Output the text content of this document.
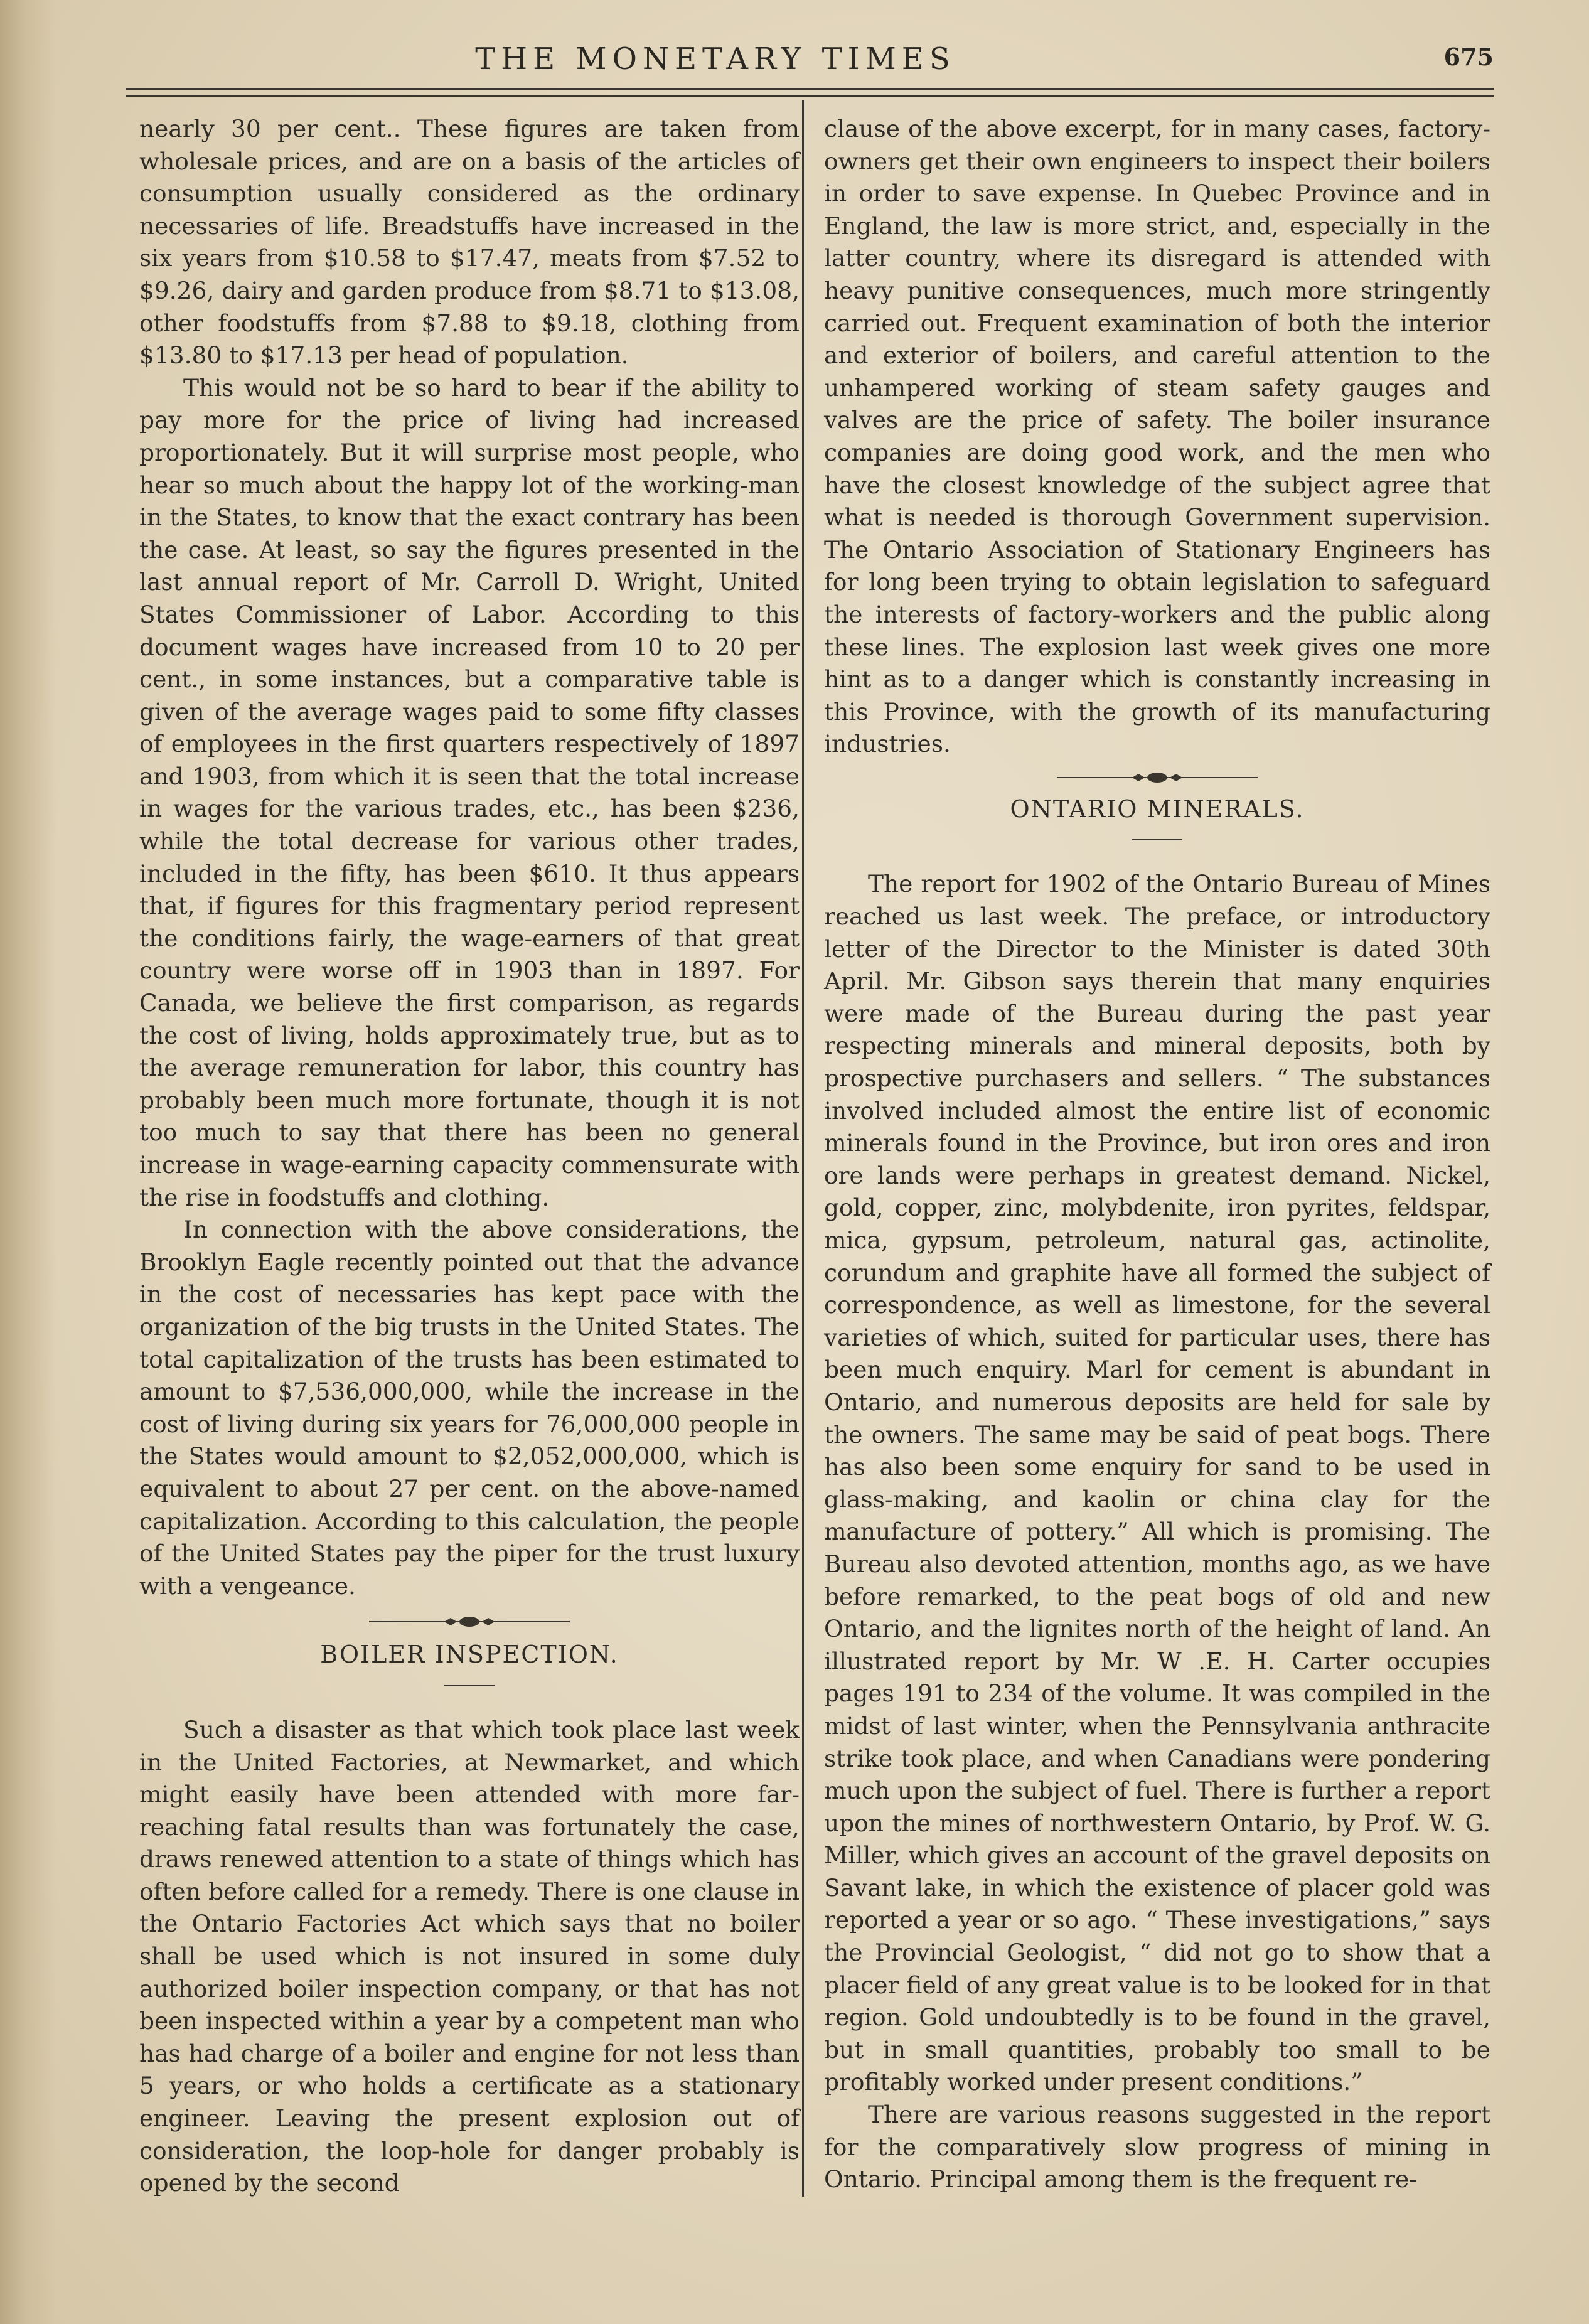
THE MONETARY TIMES	675

nearly 30 per cent.. These figures are taken from wholesale prices, and are on a basis of the articles of consumption usually considered as the ordinary necessaries of life. Breadstuffs have increased in the six years from $10.58 to $17.47, meats from $7.52 to $9.26, dairy and garden produce from $8.71 to $13.08, other foodstuffs from $7.88 to $9.18, clothing from $13.80 to $17.13 per head of population.

This would not be so hard to bear if the ability to pay more for the price of living had increased proportionately. But it will surprise most people, who hear so much about the happy lot of the working-man in the States, to know that the exact contrary has been the case. At least, so say the figures presented in the last annual report of Mr. Carroll D. Wright, United States Commissioner of Labor. According to this document wages have increased from 10 to 20 per cent., in some instances, but a comparative table is given of the average wages paid to some fifty classes of employees in the first quarters respectively of 1897 and 1903, from which it is seen that the total increase in wages for the various trades, etc., has been $236, while the total decrease for various other trades, included in the fifty, has been $610. It thus appears that, if figures for this fragmentary period represent the conditions fairly, the wage-earners of that great country were worse off in 1903 than in 1897. For Canada, we believe the first comparison, as regards the cost of living, holds approximately true, but as to the average remuneration for labor, this country has probably been much more fortunate, though it is not too much to say that there has been no general increase in wage-earning capacity commensurate with the rise in foodstuffs and clothing.

In connection with the above considerations, the Brooklyn Eagle recently pointed out that the advance in the cost of necessaries has kept pace with the organization of the big trusts in the United States. The total capitalization of the trusts has been estimated to amount to $7,536,000,000, while the increase in the cost of living during six years for 76,000,000 people in the States would amount to $2,052,000,000, which is equivalent to about 27 per cent. on the above-named capitalization. According to this calculation, the people of the United States pay the piper for the trust luxury with a vengeance.

BOILER INSPECTION.

Such a disaster as that which took place last week in the United Factories, at Newmarket, and which might easily have been attended with more far-reaching fatal results than was fortunately the case, draws renewed attention to a state of things which has often before called for a remedy. There is one clause in the Ontario Factories Act which says that no boiler shall be used which is not insured in some duly authorized boiler inspection company, or that has not been inspected within a year by a competent man who has had charge of a boiler and engine for not less than 5 years, or who holds a certificate as a stationary engineer. Leaving the present explosion out of consideration, the loop-hole for danger probably is opened by the second

clause of the above excerpt, for in many cases, factory-owners get their own engineers to inspect their boilers in order to save expense. In Quebec Province and in England, the law is more strict, and, especially in the latter country, where its disregard is attended with heavy punitive consequences, much more stringently carried out. Frequent examination of both the interior and exterior of boilers, and careful attention to the unhampered working of steam safety gauges and valves are the price of safety. The boiler insurance companies are doing good work, and the men who have the closest knowledge of the subject agree that what is needed is thorough Government supervision. The Ontario Association of Stationary Engineers has for long been trying to obtain legislation to safeguard the interests of factory-workers and the public along these lines. The explosion last week gives one more hint as to a danger which is constantly increasing in this Province, with the growth of its manufacturing industries.

ONTARIO MINERALS.

The report for 1902 of the Ontario Bureau of Mines reached us last week. The preface, or introductory letter of the Director to the Minister is dated 30th April. Mr. Gibson says therein that many enquiries were made of the Bureau during the past year respecting minerals and mineral deposits, both by prospective purchasers and sellers. “ The substances involved included almost the entire list of economic minerals found in the Province, but iron ores and iron ore lands were perhaps in greatest demand. Nickel, gold, copper, zinc, molybdenite, iron pyrites, feldspar, mica, gypsum, petroleum, natural gas, actinolite, corundum and graphite have all formed the subject of correspondence, as well as limestone, for the several varieties of which, suited for particular uses, there has been much enquiry. Marl for cement is abundant in Ontario, and numerous deposits are held for sale by the owners. The same may be said of peat bogs. There has also been some enquiry for sand to be used in glass-making, and kaolin or china clay for the manufacture of pottery.” All which is promising. The Bureau also devoted attention, months ago, as we have before remarked, to the peat bogs of old and new Ontario, and the lignites north of the height of land. An illustrated report by Mr. W .E. H. Carter occupies pages 191 to 234 of the volume. It was compiled in the midst of last winter, when the Pennsylvania anthracite strike took place, and when Canadians were pondering much upon the subject of fuel. There is further a report upon the mines of northwestern Ontario, by Prof. W. G. Miller, which gives an account of the gravel deposits on Savant lake, in which the existence of placer gold was reported a year or so ago. “ These investigations,” says the Provincial Geologist, “ did not go to show that a placer field of any great value is to be looked for in that region. Gold undoubtedly is to be found in the gravel, but in small quantities, probably too small to be profitably worked under present conditions.”

There are various reasons suggested in the report for the comparatively slow progress of mining in Ontario. Principal among them is the frequent re-
